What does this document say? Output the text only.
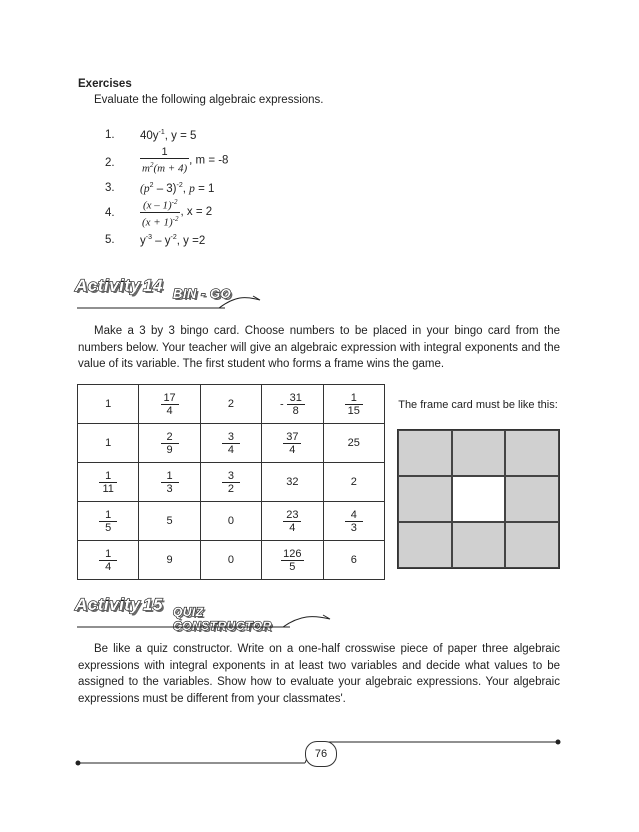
Exercises
Evaluate the following algebraic expressions.
1. $40y^{-1}$, y = 5
2. $\frac{1}{m^2(m + 4)}$ , m = -8
3. $(p^2 - 3)^{-2}$, p = 1
4. $\frac{(x - 1)^{-2}}{(x + 1)^{-2}}$ , x = 2
5. $y^{-3} - y^{-2}$, y =2
Activity 14 BIN - GO
Make a 3 by 3 bingo card. Choose numbers to be placed in your bingo card from the numbers below. Your teacher will give an algebraic expression with integral exponents and the value of its variable. The first student who forms a frame wins the game.
1	$\frac{17}{4}$	2	- $\frac{31}{8}$	$\frac{1}{15}$

1	$\frac{2}{9}$	$\frac{3}{4}$	$\frac{37}{4}$	25

$\frac{1}{11}$	$\frac{1}{3}$	$\frac{3}{2}$	32	2

$\frac{1}{5}$	5	0	$\frac{23}{4}$	$\frac{4}{3}$

$\frac{1}{4}$	9	0	$\frac{126}{5}$	6
The frame card must be like this:
Activity 15 QUIZ CONSTRUCTOR
Be like a quiz constructor. Write on a one-half crosswise piece of paper three algebraic expressions with integral exponents in at least two variables and decide what values to be assigned to the variables. Show how to evaluate your algebraic expressions. Your algebraic expressions must be different from your classmates'.
76
